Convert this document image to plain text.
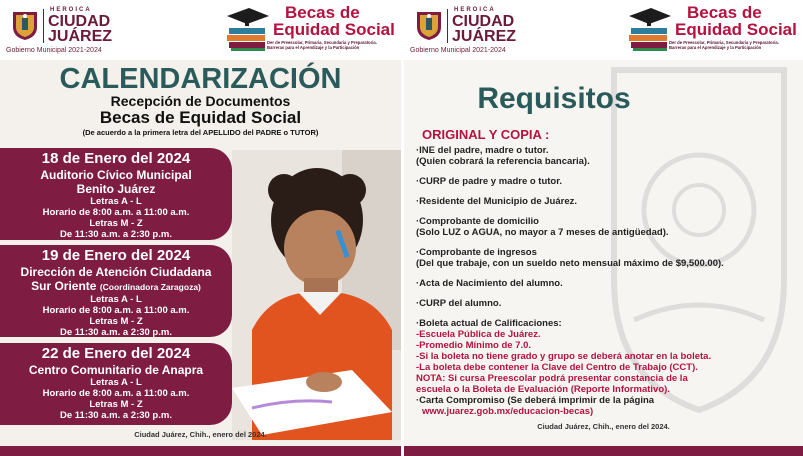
HEROICA
CIUDAD
JUÁREZ
Gobierno Municipal 2021-2024
Becas de
Equidad Social
Der de Preescolar, Primaria, Secundaria y Preparatoria. Barreras para el Aprendizaje y la Participación
CALENDARIZACIÓN
Recepción de Documentos
Becas de Equidad Social
(De acuerdo a la primera letra del APELLIDO del PADRE o TUTOR)
18 de Enero del 2024
Auditorio Cívico Municipal
Benito Juárez
Letras A - L
Horario de 8:00 a.m. a 11:00 a.m.
Letras M - Z
De 11:30 a.m. a 2:30 p.m.
19 de Enero del 2024
Dirección de Atención Ciudadana
Sur Oriente (Coordinadora Zaragoza)
Letras A - L
Horario de 8:00 a.m. a 11:00 a.m.
Letras M - Z
De 11:30 a.m. a 2:30 p.m.
22 de Enero del 2024
Centro Comunitario de Anapra
Letras A - L
Horario de 8:00 a.m. a 11:00 a.m.
Letras M - Z
De 11:30 a.m. a 2:30 p.m.
Ciudad Juárez, Chih., enero del 2024.
HEROICA
CIUDAD
JUÁREZ
Gobierno Municipal 2021-2024
Becas de
Equidad Social
Der de Preescolar, Primaria, Secundaria y Preparatoria. Barreras para el Aprendizaje y la Participación
Requisitos
ORIGINAL Y COPIA :
·INE del padre, madre o tutor.
(Quien cobrará la referencia bancaria).
·CURP de padre y madre o tutor.
·Residente del Municipio de Juárez.
·Comprobante de domicilio
(Solo LUZ o AGUA, no mayor a 7 meses de antigüedad).
·Comprobante de ingresos
(Del que trabaje, con un sueldo neto mensual máximo de $9,500.00).
·Acta de Nacimiento del alumno.
·CURP del alumno.
·Boleta actual de Calificaciones:
-Escuela Pública de Juárez.
-Promedio Mínimo de 7.0.
-Si la boleta no tiene grado y grupo se deberá anotar en la boleta.
-La boleta debe contener la Clave del Centro de Trabajo (CCT).
NOTA: Si cursa Preescolar podrá presentar constancia de la
escuela o la Boleta de Evaluación (Reporte Informativo).
·Carta Compromiso (Se deberá imprimir de la página
www.juarez.gob.mx/educacion-becas)
Ciudad Juárez, Chih., enero del 2024.
